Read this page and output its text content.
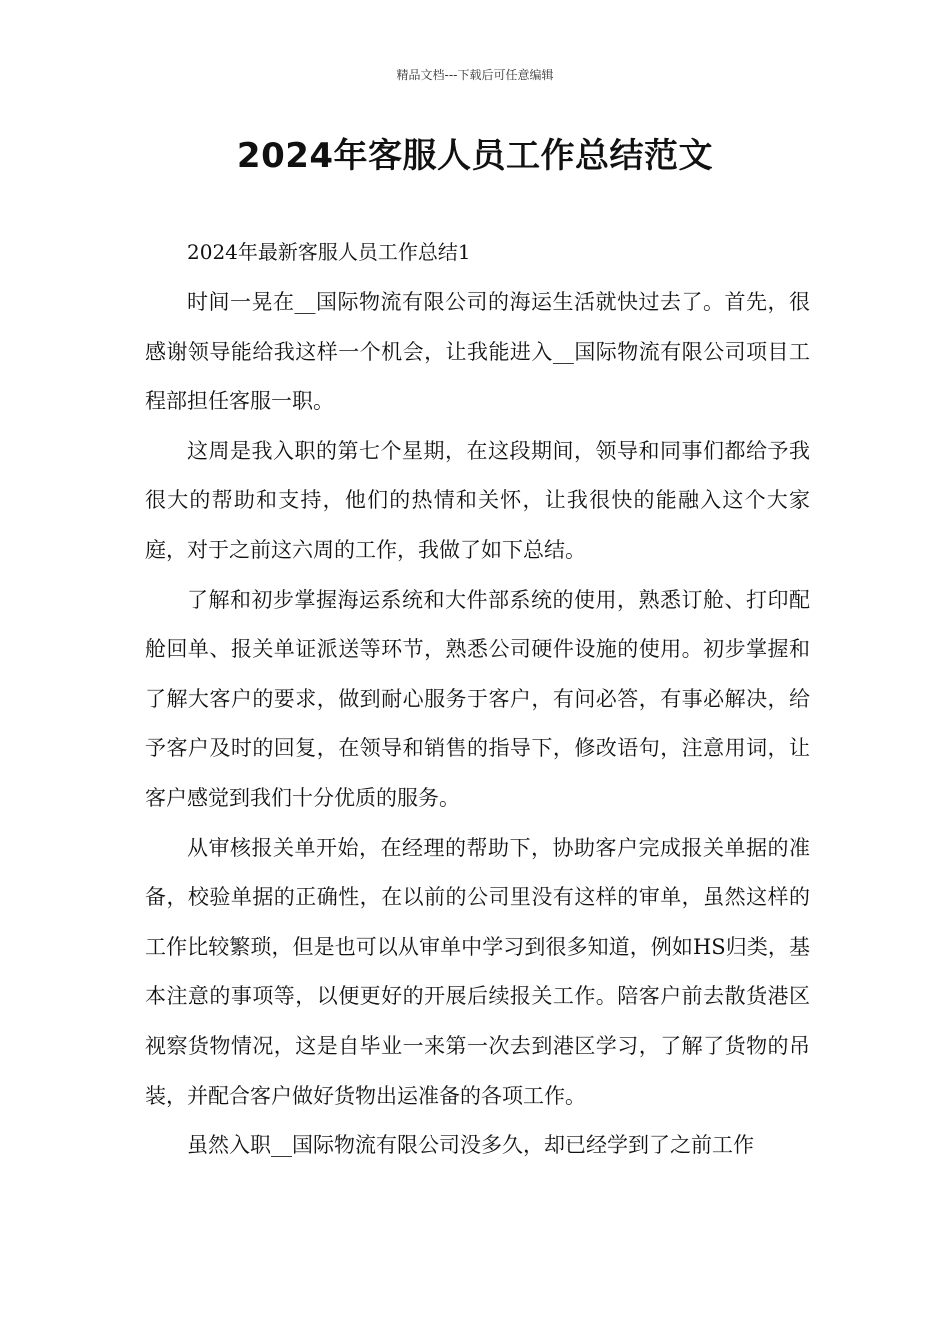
精品文档---下载后可任意编辑
2024年客服人员工作总结范文

2024年最新客服人员工作总结1

时间一晃在__国际物流有限公司的海运生活就快过去了。首先，很感谢领导能给我这样一个机会，让我能进入__国际物流有限公司项目工程部担任客服一职。

这周是我入职的第七个星期，在这段期间，领导和同事们都给予我很大的帮助和支持，他们的热情和关怀，让我很快的能融入这个大家庭，对于之前这六周的工作，我做了如下总结。

了解和初步掌握海运系统和大件部系统的使用，熟悉订舱、打印配舱回单、报关单证派送等环节，熟悉公司硬件设施的使用。初步掌握和了解大客户的要求，做到耐心服务于客户，有问必答，有事必解决，给予客户及时的回复，在领导和销售的指导下，修改语句，注意用词，让客户感觉到我们十分优质的服务。

从审核报关单开始，在经理的帮助下，协助客户完成报关单据的准备，校验单据的正确性，在以前的公司里没有这样的审单，虽然这样的工作比较繁琐，但是也可以从审单中学习到很多知道，例如HS归类，基本注意的事项等，以便更好的开展后续报关工作。陪客户前去散货港区视察货物情况，这是自毕业一来第一次去到港区学习，了解了货物的吊装，并配合客户做好货物出运准备的各项工作。

虽然入职__国际物流有限公司没多久，却已经学到了之前工作
